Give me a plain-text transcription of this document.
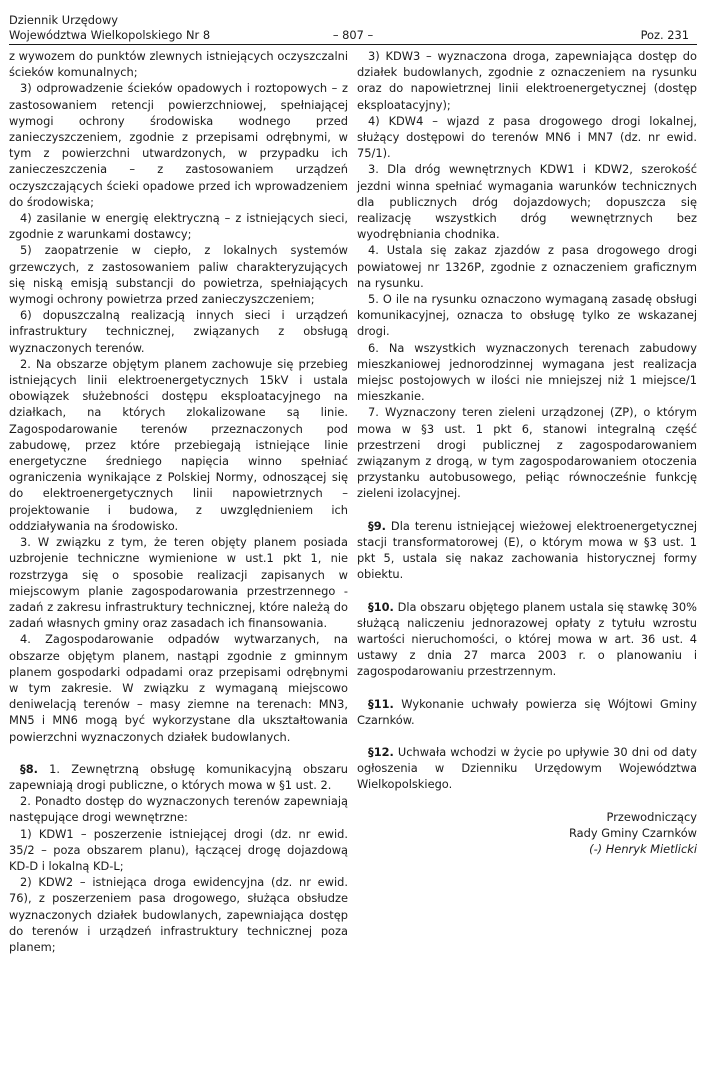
Dziennik Urzędowy
Województwa Wielkopolskiego Nr 8	– 807 –	Poz. 231

z wywozem do punktów zlewnych istniejących oczyszczalni ścieków komunalnych;

3) odprowadzenie ścieków opadowych i roztopowych – z zastosowaniem retencji powierzchniowej, spełniającej wymogi ochrony środowiska wodnego przed zanieczyszczeniem, zgodnie z przepisami odrębnymi, w tym z powierzchni utwardzonych, w przypadku ich zanieczeszczenia – z zastosowaniem urządzeń oczyszczających ścieki opadowe przed ich wprowadzeniem do środowiska;

4) zasilanie w energię elektryczną – z istniejących sieci, zgodnie z warunkami dostawcy;

5) zaopatrzenie w ciepło, z lokalnych systemów grzewczych, z zastosowaniem paliw charakteryzujących się niską emisją substancji do powietrza, spełniających wymogi ochrony powietrza przed zanieczyszczeniem;

6) dopuszczalną realizacją innych sieci i urządzeń infrastruktury technicznej, związanych z obsługą wyznaczonych terenów.

2. Na obszarze objętym planem zachowuje się przebieg istniejących linii elektroenergetycznych 15kV i ustala obowiązek służebności dostępu eksploatacyjnego na działkach, na których zlokalizowane są linie. Zagospodarowanie terenów przeznaczonych pod zabudowę, przez które przebiegają istniejące linie energetyczne średniego napięcia winno spełniać ograniczenia wynikające z Polskiej Normy, odnoszącej się do elektroenergetycznych linii napowietrznych – projektowanie i budowa, z uwzględnieniem ich oddziaływania na środowisko.

3. W związku z tym, że teren objęty planem posiada uzbrojenie techniczne wymienione w ust.1 pkt 1, nie rozstrzyga się o sposobie realizacji zapisanych w miejscowym planie zagospodarowania przestrzennego - zadań z zakresu infrastruktury technicznej, które należą do zadań własnych gminy oraz zasadach ich finansowania.

4. Zagospodarowanie odpadów wytwarzanych, na obszarze objętym planem, nastąpi zgodnie z gminnym planem gospodarki odpadami oraz przepisami odrębnymi w tym zakresie. W związku z wymaganą miejscowo deniwelacją terenów – masy ziemne na terenach: MN3, MN5 i MN6 mogą być wykorzystane dla ukształtowania powierzchni wyznaczonych działek budowlanych.

§8. 1. Zewnętrzną obsługę komunikacyjną obszaru zapewniają drogi publiczne, o których mowa w §1 ust. 2.

2. Ponadto dostęp do wyznaczonych terenów zapewniają następujące drogi wewnętrzne:

1) KDW1 – poszerzenie istniejącej drogi (dz. nr ewid. 35/2 – poza obszarem planu), łączącej drogę dojazdową KD-D i lokalną KD-L;

2) KDW2 – istniejąca droga ewidencyjna (dz. nr ewid. 76), z poszerzeniem pasa drogowego, służąca obsłudze wyznaczonych działek budowlanych, zapewniająca dostęp do terenów i urządzeń infrastruktury technicznej poza planem;

3) KDW3 – wyznaczona droga, zapewniająca dostęp do działek budowlanych, zgodnie z oznaczeniem na rysunku oraz do napowietrznej linii elektroenergetycznej (dostęp eksploatacyjny);

4) KDW4 – wjazd z pasa drogowego drogi lokalnej, służący dostępowi do terenów MN6 i MN7 (dz. nr ewid. 75/1).

3. Dla dróg wewnętrznych KDW1 i KDW2, szerokość jezdni winna spełniać wymagania warunków technicznych dla publicznych dróg dojazdowych; dopuszcza się realizację wszystkich dróg wewnętrznych bez wyodrębniania chodnika.

4. Ustala się zakaz zjazdów z pasa drogowego drogi powiatowej nr 1326P, zgodnie z oznaczeniem graficznym na rysunku.

5. O ile na rysunku oznaczono wymaganą zasadę obsługi komunikacyjnej, oznacza to obsługę tylko ze wskazanej drogi.

6. Na wszystkich wyznaczonych terenach zabudowy mieszkaniowej jednorodzinnej wymagana jest realizacja miejsc postojowych w ilości nie mniejszej niż 1 miejsce/1 mieszkanie.

7. Wyznaczony teren zieleni urządzonej (ZP), o którym mowa w §3 ust. 1 pkt 6, stanowi integralną część przestrzeni drogi publicznej z zagospodarowaniem związanym z drogą, w tym zagospodarowaniem otoczenia przystanku autobusowego, pełiąc równocześnie funkcję zieleni izolacyjnej.

§9. Dla terenu istniejącej wieżowej elektroenergetycznej stacji transformatorowej (E), o którym mowa w §3 ust. 1 pkt 5, ustala się nakaz zachowania historycznej formy obiektu.

§10. Dla obszaru objętego planem ustala się stawkę 30% służącą naliczeniu jednorazowej opłaty z tytułu wzrostu wartości nieruchomości, o której mowa w art. 36 ust. 4 ustawy z dnia 27 marca 2003 r. o planowaniu i zagospodarowaniu przestrzennym.

§11. Wykonanie uchwały powierza się Wójtowi Gminy Czarnków.

§12. Uchwała wchodzi w życie po upływie 30 dni od daty ogłoszenia w Dzienniku Urzędowym Województwa Wielkopolskiego.

Przewodniczący
Rady Gminy Czarnków
(-) Henryk Mietlicki
